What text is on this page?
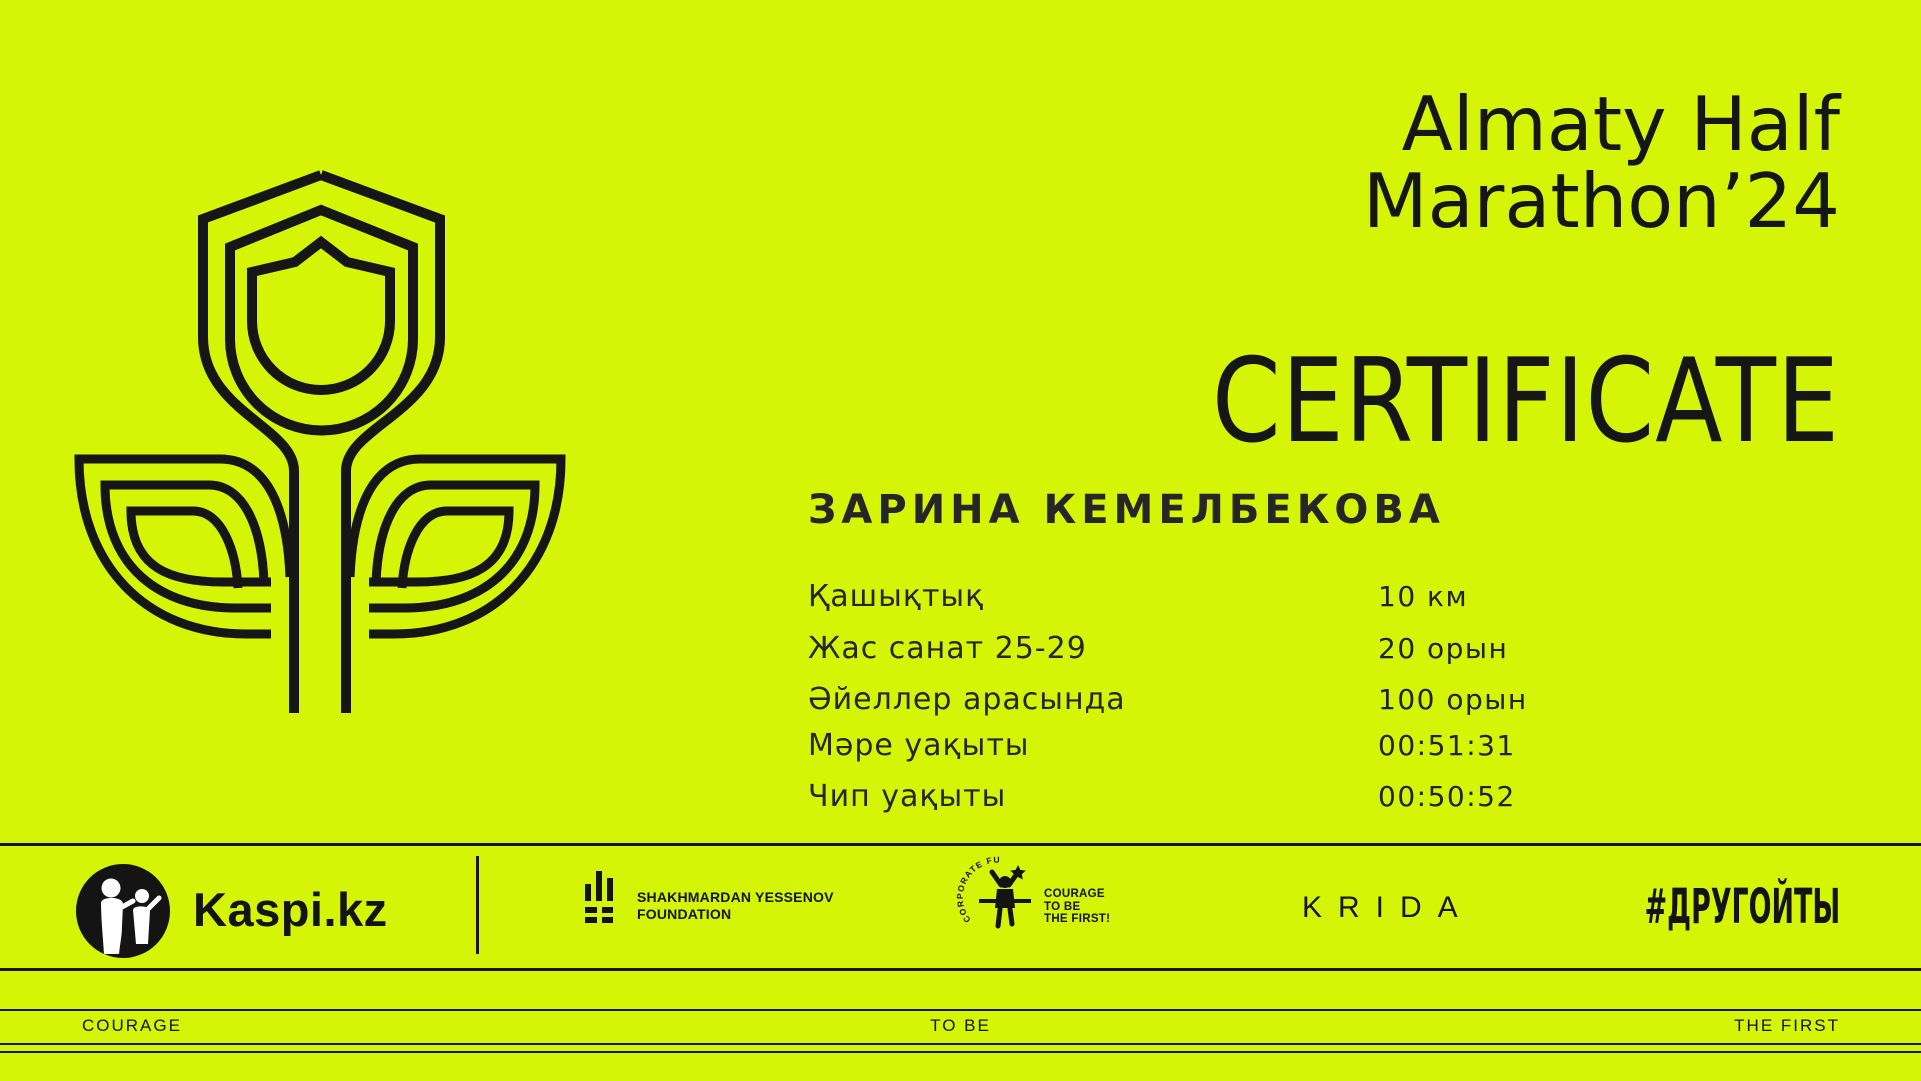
Almaty Half
Marathon’24
CERTIFICATE
ЗАРИНА КЕМЕЛБЕКОВА
Қашықтық	10 км
Жас санат 25-29	20 орын
Әйеллер арасында	100 орын
Мәре уақыты	00:51:31
Чип уақыты	00:50:52
Kaspi.kz	SHAKHMARDAN YESSENOV
FOUNDATION	CORPORATE FUND
COURAGE
TO BE
THE FIRST!	KRIDA	#ДРУГОЙТЫ
COURAGE	TO BE	THE FIRST
